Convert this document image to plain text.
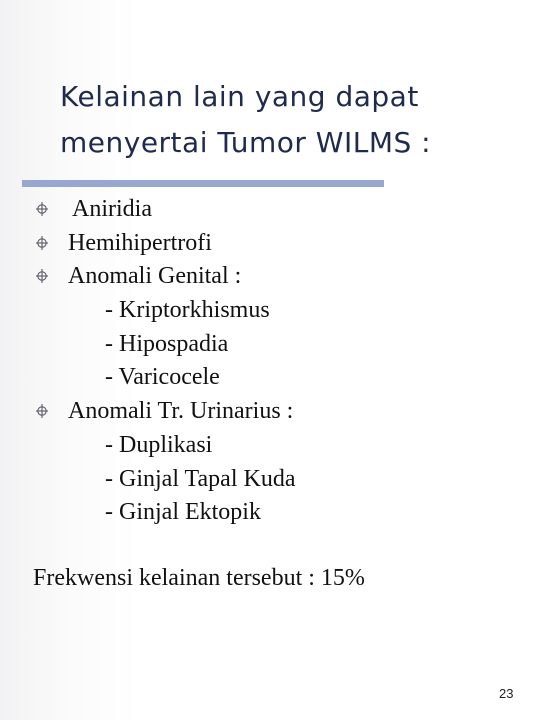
Kelainan lain yang dapat
menyertai Tumor WILMS :
Aniridia
Hemihipertrofi
Anomali Genital :
- Kriptorkhismus
- Hipospadia
- Varicocele
Anomali Tr. Urinarius :
- Duplikasi
- Ginjal Tapal Kuda
- Ginjal Ektopik
Frekwensi kelainan tersebut : 15%
23
